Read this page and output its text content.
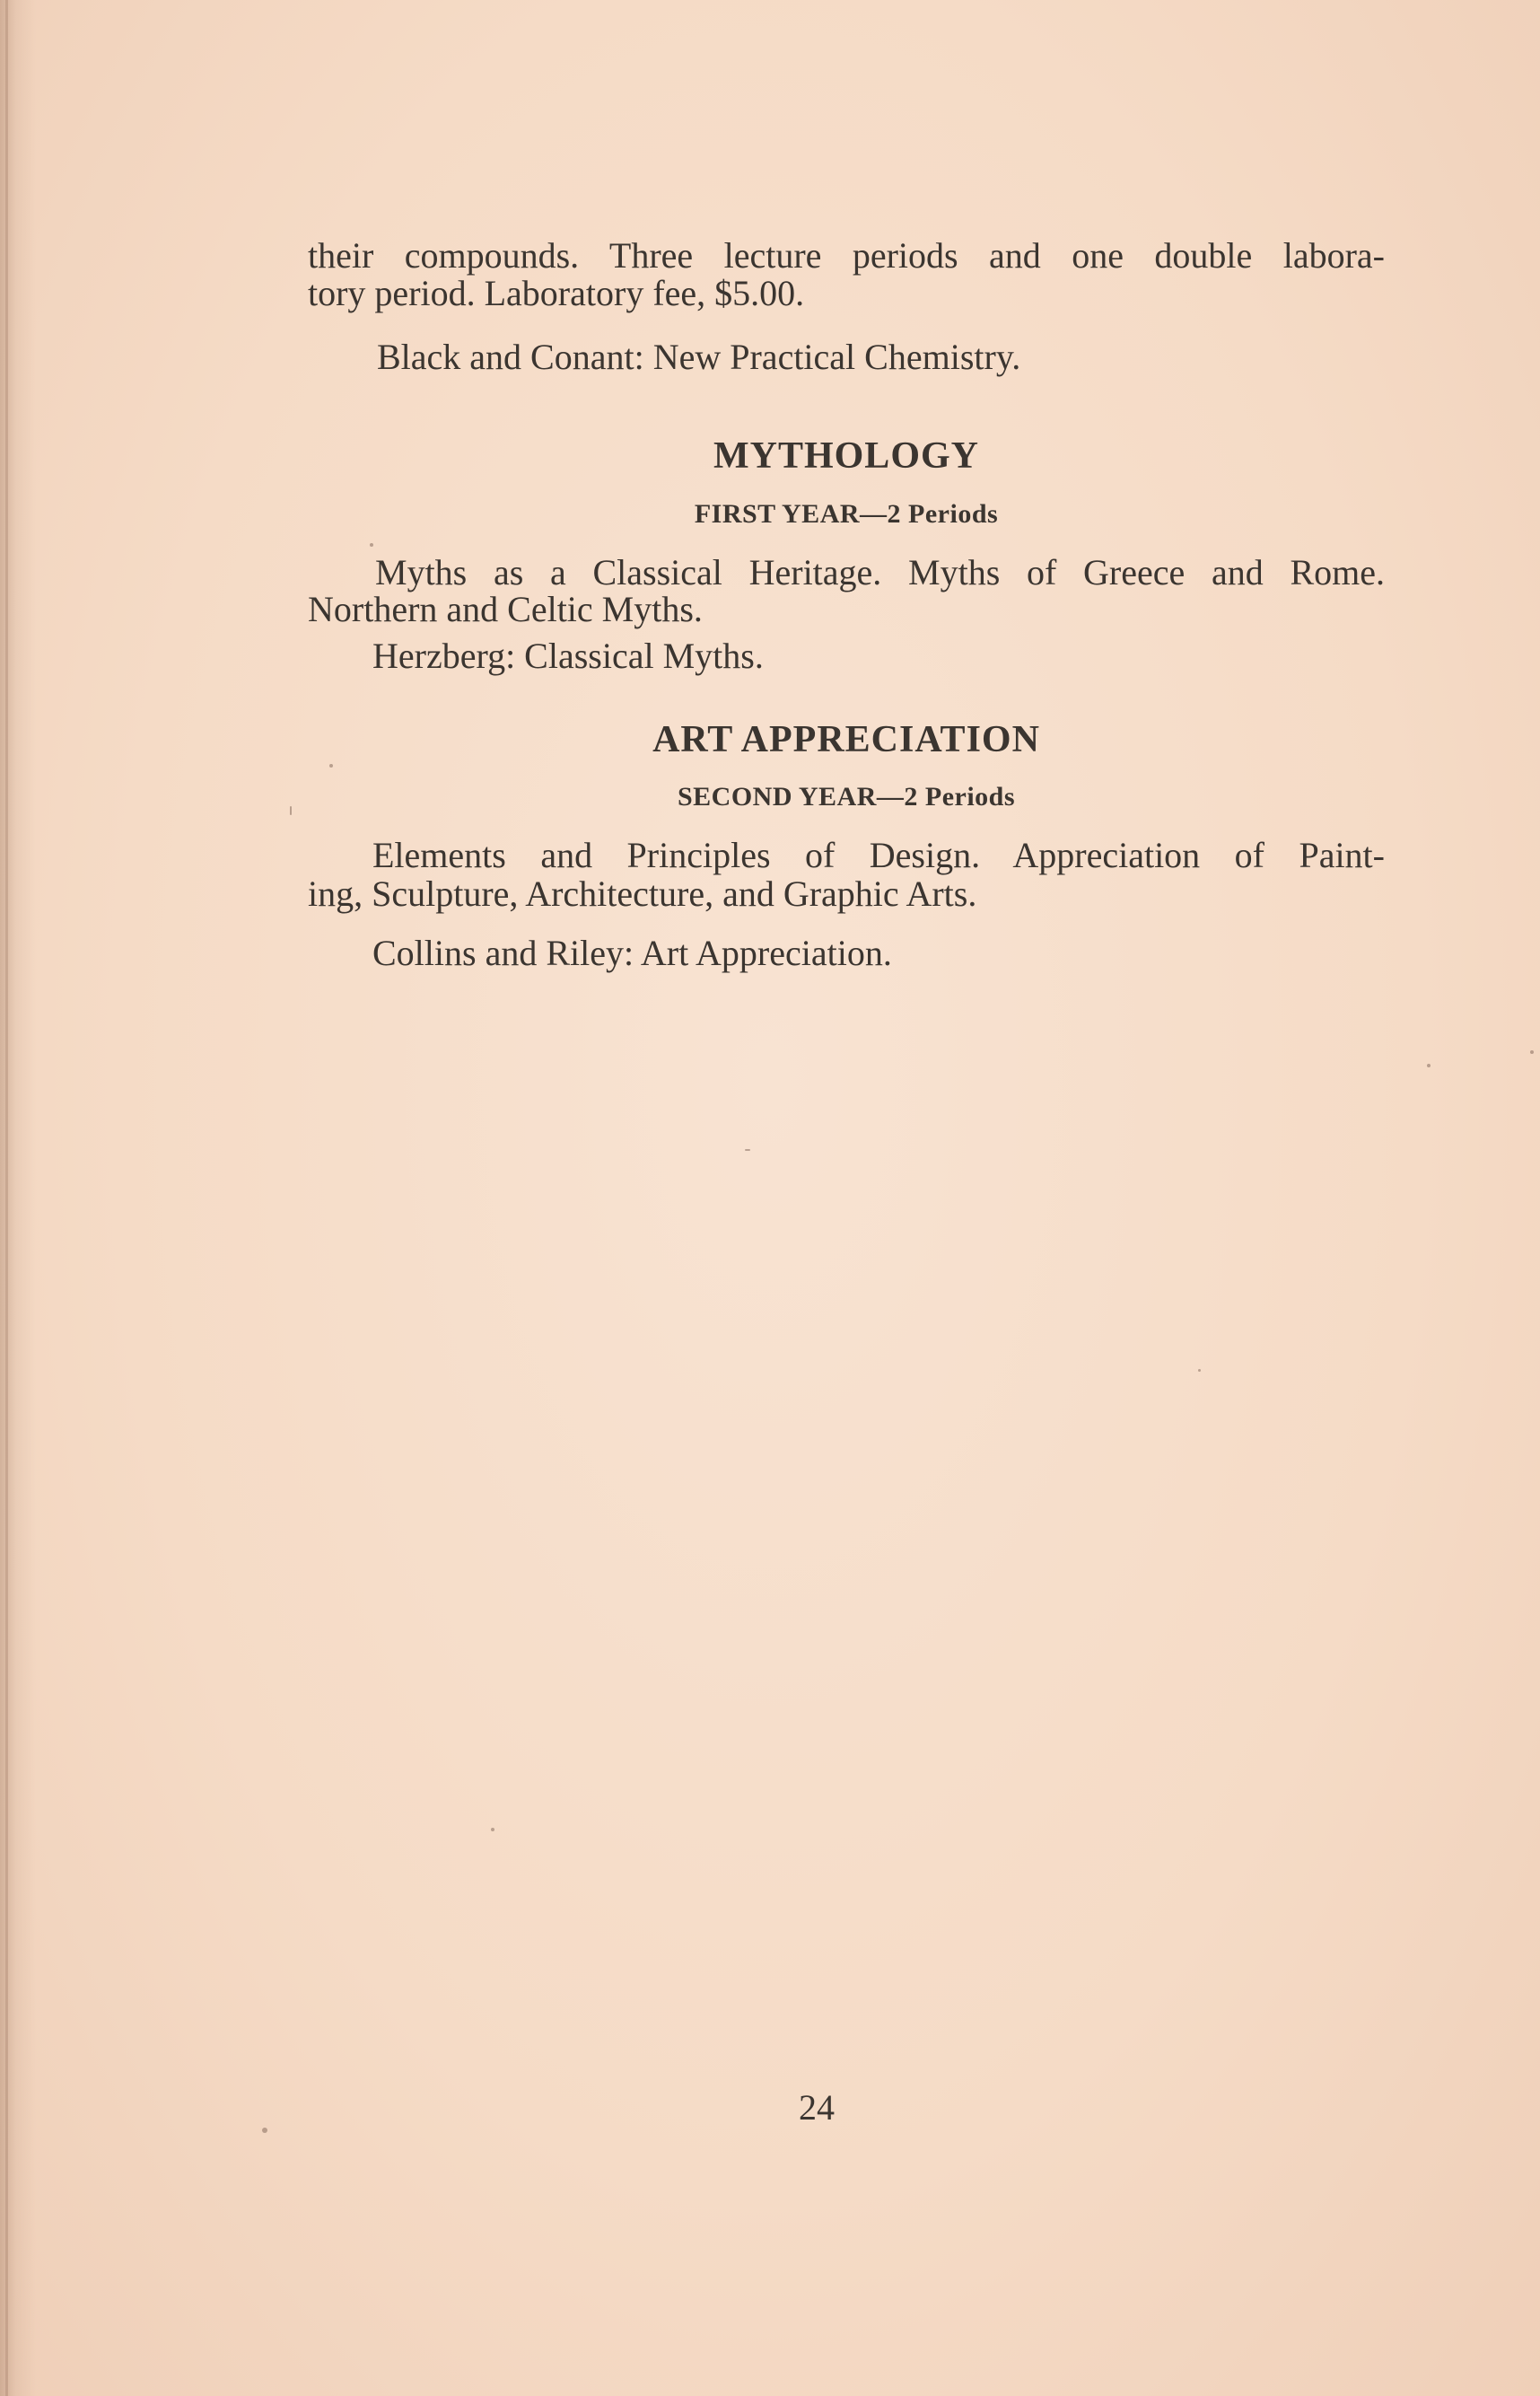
their compounds. Three lecture periods and one double labora-

tory period. Laboratory fee, $5.00.

Black and Conant: New Practical Chemistry.

MYTHOLOGY
FIRST YEAR—2 Periods

Myths as a Classical Heritage. Myths of Greece and Rome.

Northern and Celtic Myths.

Herzberg: Classical Myths.

ART APPRECIATION
SECOND YEAR—2 Periods

Elements and Principles of Design. Appreciation of Paint-

ing, Sculpture, Architecture, and Graphic Arts.

Collins and Riley: Art Appreciation.

24
